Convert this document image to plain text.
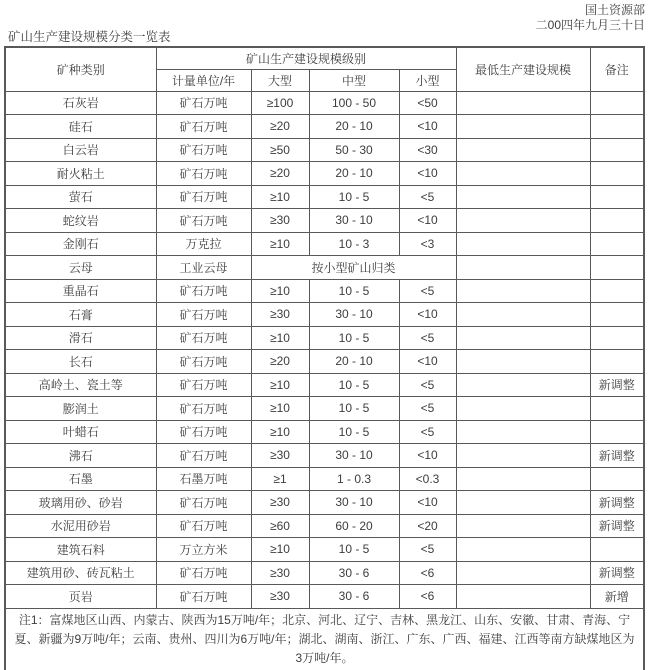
国土资源部
二00四年九月三十日
矿山生产建设规模分类一览表
矿种类别	矿山生产建设规模级别				最低生产建设规模	备注
	计量单位/年	大型	中型	小型		
石灰岩	矿石万吨	≥100	100 - 50	<50		
硅石	矿石万吨	≥20	20 - 10	<10		
白云岩	矿石万吨	≥50	50 - 30	<30		
耐火粘土	矿石万吨	≥20	20 - 10	<10		
萤石	矿石万吨	≥10	10 - 5	<5		
蛇纹岩	矿石万吨	≥30	30 - 10	<10		
金刚石	万克拉	≥10	10 - 3	<3		
云母	工业云母	按小型矿山归类				
重晶石	矿石万吨	≥10	10 - 5	<5		
石膏	矿石万吨	≥30	30 - 10	<10		
滑石	矿石万吨	≥10	10 - 5	<5		
长石	矿石万吨	≥20	20 - 10	<10		
高岭土、瓷土等	矿石万吨	≥10	10 - 5	<5		新调整
膨润土	矿石万吨	≥10	10 - 5	<5		
叶蜡石	矿石万吨	≥10	10 - 5	<5		
沸石	矿石万吨	≥30	30 - 10	<10		新调整
石墨	石墨万吨	≥1	1 - 0.3	<0.3		
玻璃用砂、砂岩	矿石万吨	≥30	30 - 10	<10		新调整
水泥用砂岩	矿石万吨	≥60	60 - 20	<20		新调整
建筑石料	万立方米	≥10	10 - 5	<5		
建筑用砂、砖瓦粘土	矿石万吨	≥30	30 - 6	<6		新调整
页岩	矿石万吨	≥30	30 - 6	<6		新增
注1：富煤地区山西、内蒙古、陕西为15万吨/年；北京、河北、辽宁、吉林、黑龙江、山东、安徽、甘肃、青海、宁夏、新疆为9万吨/年；云南、贵州、四川为6万吨/年；湖北、湖南、浙江、广东、广西、福建、江西等南方缺煤地区为3万吨/年。						
